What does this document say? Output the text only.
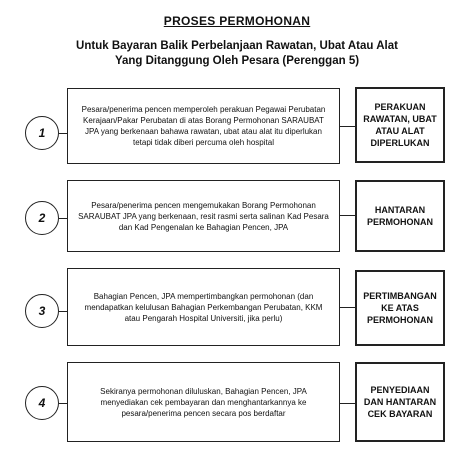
PROSES PERMOHONAN
Untuk Bayaran Balik Perbelanjaan Rawatan, Ubat Atau Alat
Yang Ditanggung Oleh Pesara (Perenggan 5)
1
Pesara/penerima pencen memperoleh perakuan Pegawai Perubatan Kerajaan/Pakar Perubatan di atas Borang Permohonan SARAUBAT JPA yang berkenaan bahawa rawatan, ubat atau alat itu diperlukan tetapi tidak diberi percuma oleh hospital
PERAKUAN RAWATAN, UBAT ATAU ALAT DIPERLUKAN
2
Pesara/penerima pencen mengemukakan Borang Permohonan SARAUBAT JPA yang berkenaan, resit rasmi serta salinan Kad Pesara dan Kad Pengenalan ke Bahagian Pencen, JPA
HANTARAN PERMOHONAN
3
Bahagian Pencen, JPA mempertimbangkan permohonan (dan mendapatkan kelulusan Bahagian Perkembangan Perubatan, KKM atau Pengarah Hospital Universiti, jika perlu)
PERTIMBANGAN KE ATAS PERMOHONAN
4
Sekiranya permohonan diluluskan, Bahagian Pencen, JPA menyediakan cek pembayaran dan menghantarkannya ke pesara/penerima pencen secara pos berdaftar
PENYEDIAAN DAN HANTARAN CEK BAYARAN
